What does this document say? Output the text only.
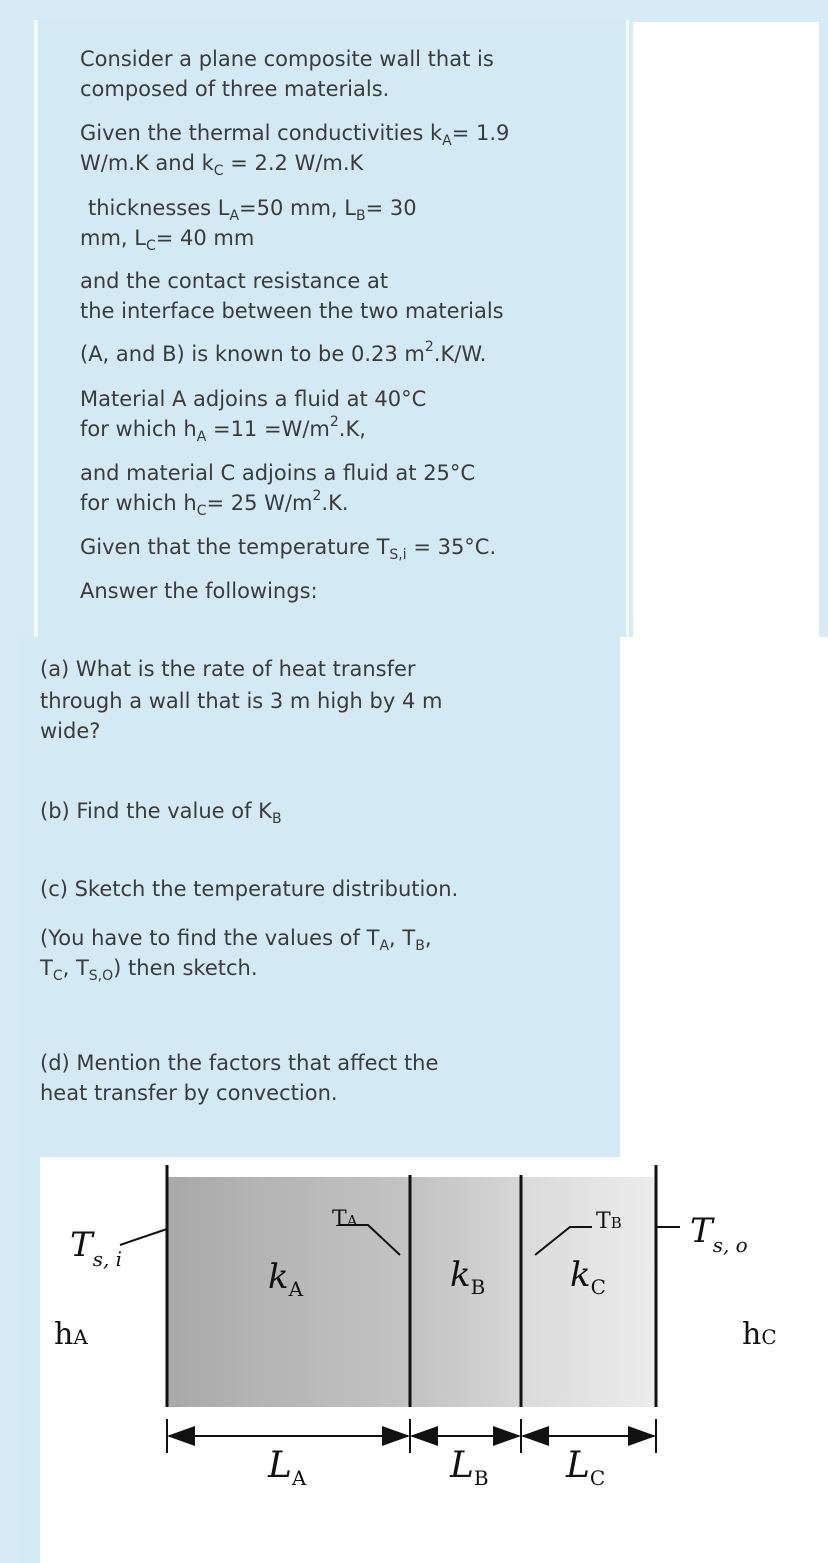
Consider a plane composite wall that is
composed of three materials.
Given the thermal conductivities $k_A= 1.9$
W/m.K and $k_C = 2.2$ W/m.K
thicknesses $L_A=50$ mm, $L_B= 30$
mm, $L_C= 40$ mm
and the contact resistance at
the interface between the two materials
(A, and B) is known to be 0.23 $m^2.K/W$.
Material A adjoins a fluid at 40°C
for which $h_A =11 =W/m^2.K$,
and material C adjoins a fluid at 25°C
for which $h_C= 25$ $W/m^2.K$.
Given that the temperature $T_{S,i} = 35^\circ C$.
Answer the followings:
(a) What is the rate of heat transfer
through a wall that is 3 m high by 4 m
wide?
(b) Find the value of $K_B$
(c) Sketch the temperature distribution.
(You have to find the values of $T_A$, $T_B$,
$T_C$, $T_{S,O}$) then sketch.
(d) Mention the factors that affect the
heat transfer by convection.
$T_{s, i}$
hA
$k_A$	$k_B$ $k_C$
TA	TB $T_{s, o}$
hC
$L_A$	$L_B$ $L_C$
